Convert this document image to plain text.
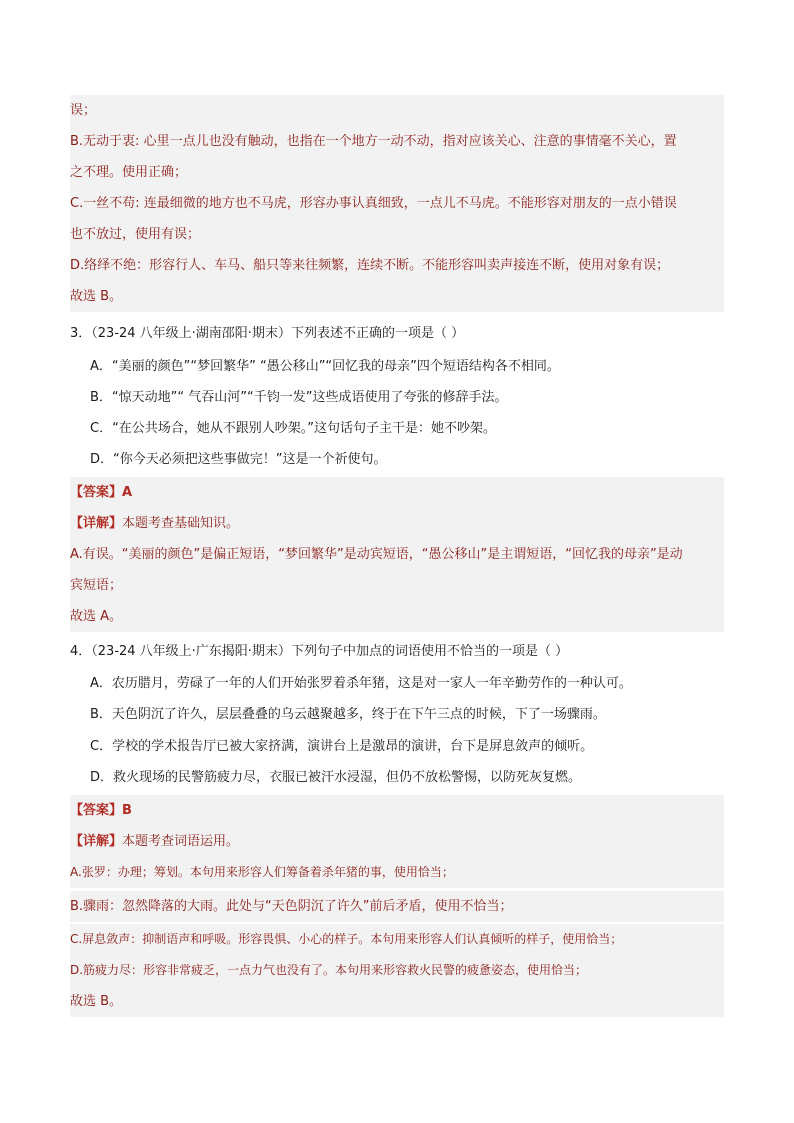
误；
B.无动于衷: 心里一点儿也没有触动，也指在一个地方一动不动，指对应该关心、注意的事情毫不关心，置
之不理。使用正确；
C.一丝不苟: 连最细微的地方也不马虎，形容办事认真细致，一点儿不马虎。不能形容对朋友的一点小错误
也不放过，使用有误；
D.络绎不绝：形容行人、车马、船只等来往频繁，连续不断。不能形容叫卖声接连不断，使用对象有误；
故选 B。
3．（23-24 八年级上·湖南邵阳·期末）下列表述不正确的一项是（ ）
A．“美丽的颜色”“梦回繁华” “愚公移山”“回忆我的母亲”四个短语结构各不相同。
B．“惊天动地”“ 气吞山河”“千钧一发”这些成语使用了夸张的修辞手法。
C．“在公共场合，她从不跟别人吵架。”这句话句子主干是：她不吵架。
D．“你今天必须把这些事做完！”这是一个祈使句。
【答案】A
【详解】本题考查基础知识。
A.有误。“美丽的颜色”是偏正短语，“梦回繁华”是动宾短语，“愚公移山”是主谓短语，“回忆我的母亲”是动
宾短语；
故选 A。
4．（23-24 八年级上·广东揭阳·期末）下列句子中加点的词语使用不恰当的一项是（ ）
A．农历腊月，劳碌了一年的人们开始张罗着杀年猪，这是对一家人一年辛勤劳作的一种认可。
B．天色阴沉了许久，层层叠叠的乌云越聚越多，终于在下午三点的时候，下了一场骤雨。
C．学校的学术报告厅已被大家挤满，演讲台上是激昂的演讲，台下是屏息敛声的倾听。
D．救火现场的民警筋疲力尽，衣服已被汗水浸湿，但仍不放松警惕，以防死灰复燃。
【答案】B
【详解】本题考查词语运用。
A.张罗：办理；筹划。本句用来形容人们筹备着杀年猪的事，使用恰当；
B.骤雨：忽然降落的大雨。此处与“天色阴沉了许久”前后矛盾，使用不恰当；
C.屏息敛声：抑制语声和呼吸。形容畏惧、小心的样子。本句用来形容人们认真倾听的样子，使用恰当；
D.筋疲力尽：形容非常疲乏，一点力气也没有了。本句用来形容救火民警的疲惫姿态，使用恰当；
故选 B。
